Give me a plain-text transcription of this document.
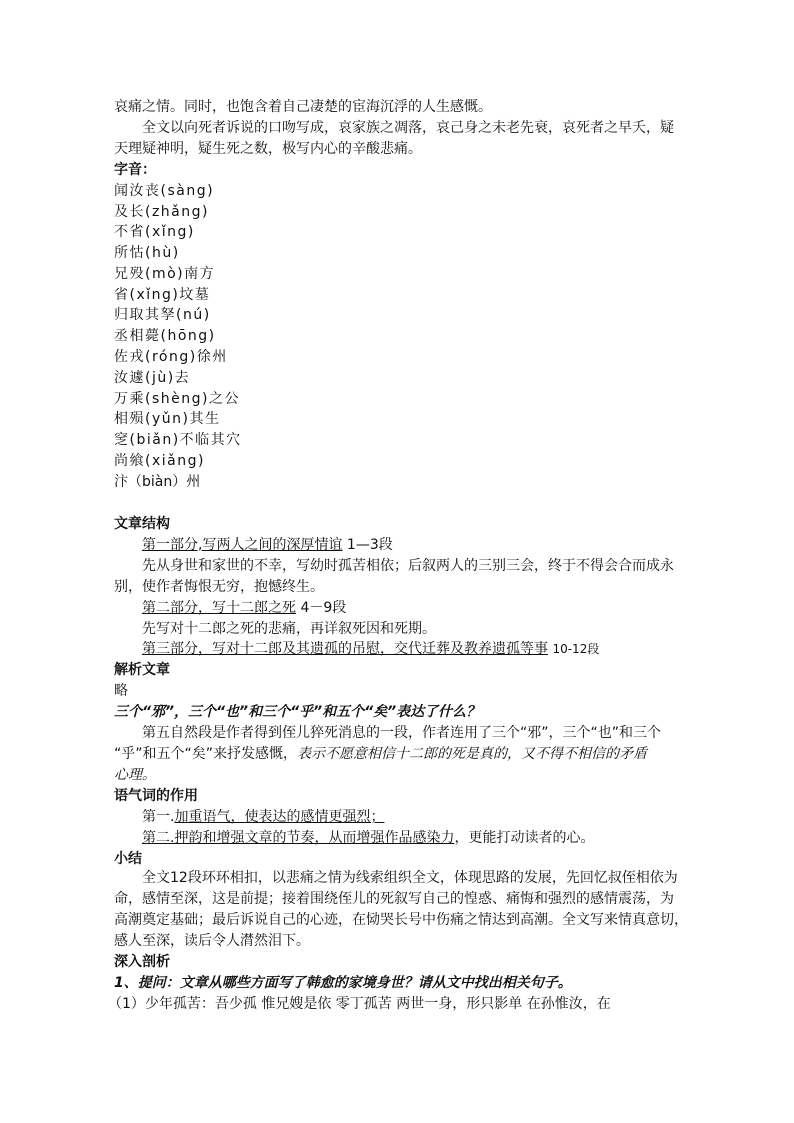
哀痛之情。同时，也饱含着自己凄楚的宦海沉浮的人生感慨。
全文以向死者诉说的口吻写成，哀家族之凋落，哀己身之未老先衰，哀死者之早夭，疑
天理疑神明，疑生死之数，极写内心的辛酸悲痛。
字音：
闻汝丧(sàng)
及长(zhǎng)
不省(xǐng)
所怙(hù)
兄殁(mò)南方
省(xǐng)坟墓
归取其孥(nú)
丞相薨(hōng)
佐戎(róng)徐州
汝遽(jù)去
万乘(shèng)之公
相殒(yǔn)其生
窆(biǎn)不临其穴
尚飨(xiǎng)
汴（biàn）州
文章结构
第一部分,写两人之间的深厚情谊 1—3段
先从身世和家世的不幸，写幼时孤苦相依；后叙两人的三别三会，终于不得会合而成永
别，使作者悔恨无穷，抱憾终生。
第二部分，写十二郎之死 4－9段
先写对十二郎之死的悲痛，再详叙死因和死期。
第三部分，写对十二郎及其遗孤的吊慰，交代迁葬及教养遗孤等事 10-12段
解析文章
略
三个“邪”，三个“也”和三个“乎”和五个“矣”表达了什么？
第五自然段是作者得到侄儿猝死消息的一段，作者连用了三个“邪”，三个“也”和三个
“乎”和五个“矣”来抒发感慨，表示不愿意相信十二郎的死是真的，又不得不相信的矛盾
心理。
语气词的作用
第一.加重语气，使表达的感情更强烈；
第二.押韵和增强文章的节奏，从而增强作品感染力，更能打动读者的心。
小结
全文12段环环相扣，以悲痛之情为线索组织全文，体现思路的发展，先回忆叔侄相依为
命，感情至深，这是前提；接着围绕侄儿的死叙写自己的惶惑、痛悔和强烈的感情震荡，为
高潮奠定基础；最后诉说自己的心迹，在恸哭长号中伤痛之情达到高潮。全文写来情真意切，
感人至深，读后令人潸然泪下。
深入剖析
1、提问：文章从哪些方面写了韩愈的家境身世？请从文中找出相关句子。
（1）少年孤苦：吾少孤 惟兄嫂是依 零丁孤苦 两世一身，形只影单 在孙惟汝，在
